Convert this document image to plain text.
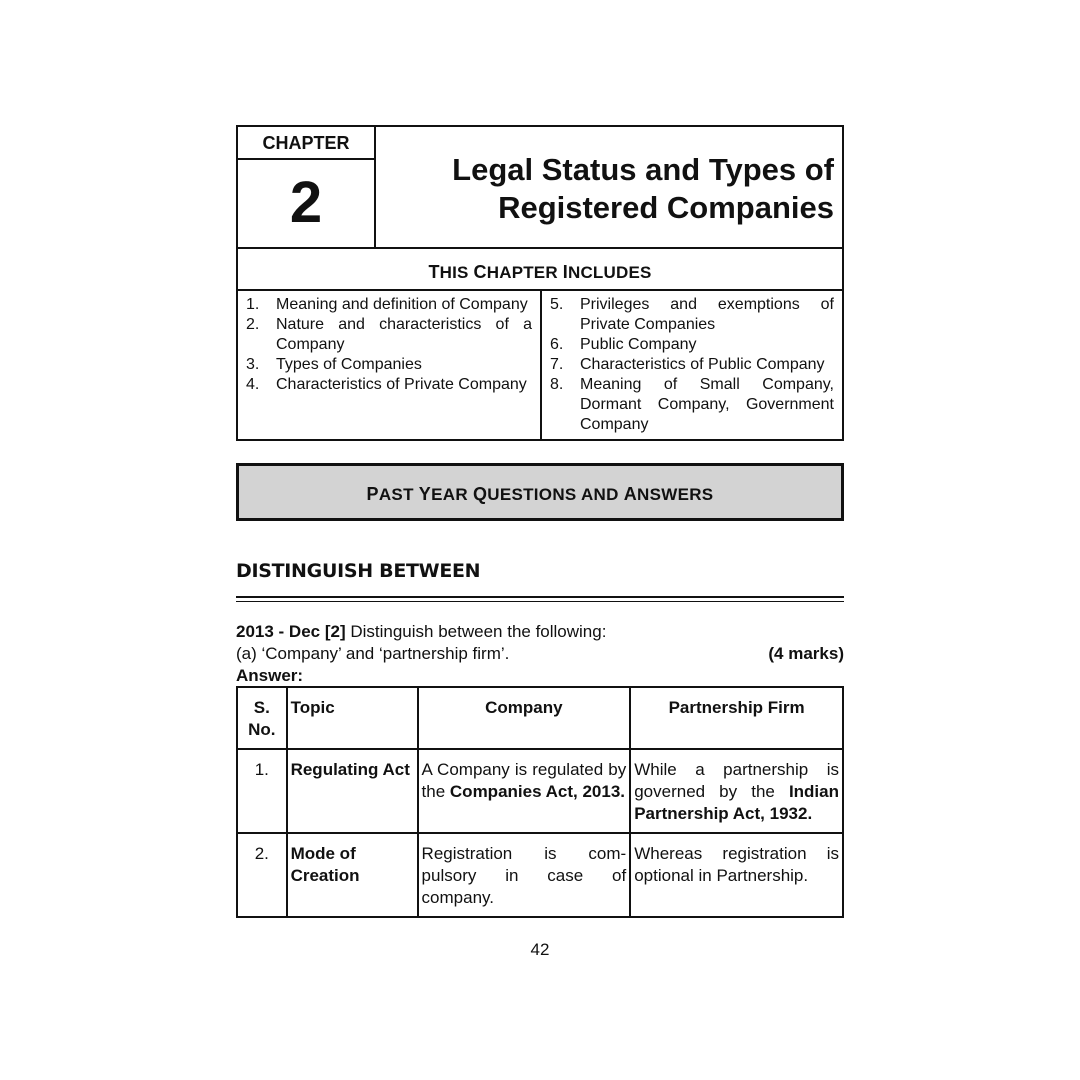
CHAPTER
2
Legal Status and Types of
Registered Companies
THIS CHAPTER INCLUDES
1.	Meaning and definition of Company
2.	Nature and characteristics of a Company
3.	Types of Companies
4.	Characteristics of Private Company
5.	Privileges and exemptions of Private Companies
6.	Public Company
7.	Characteristics of Public Company
8.	Meaning of Small Company, Dormant Company, Government Company
PAST YEAR QUESTIONS AND ANSWERS
DISTINGUISH BETWEEN
2013 - Dec [2] Distinguish between the following:
(a) ‘Company’ and ‘partnership firm’.	(4 marks)
Answer:
S.
No.	Topic	Company	Partnership Firm
1.	Regulating Act	A Company is regulated by the Companies Act, 2013.	While a partnership is governed by the Indian Partnership Act, 1932.
2.	Mode of Creation	Registration is com-pulsory in case of company.	Whereas registration is optional in Partnership.
42
